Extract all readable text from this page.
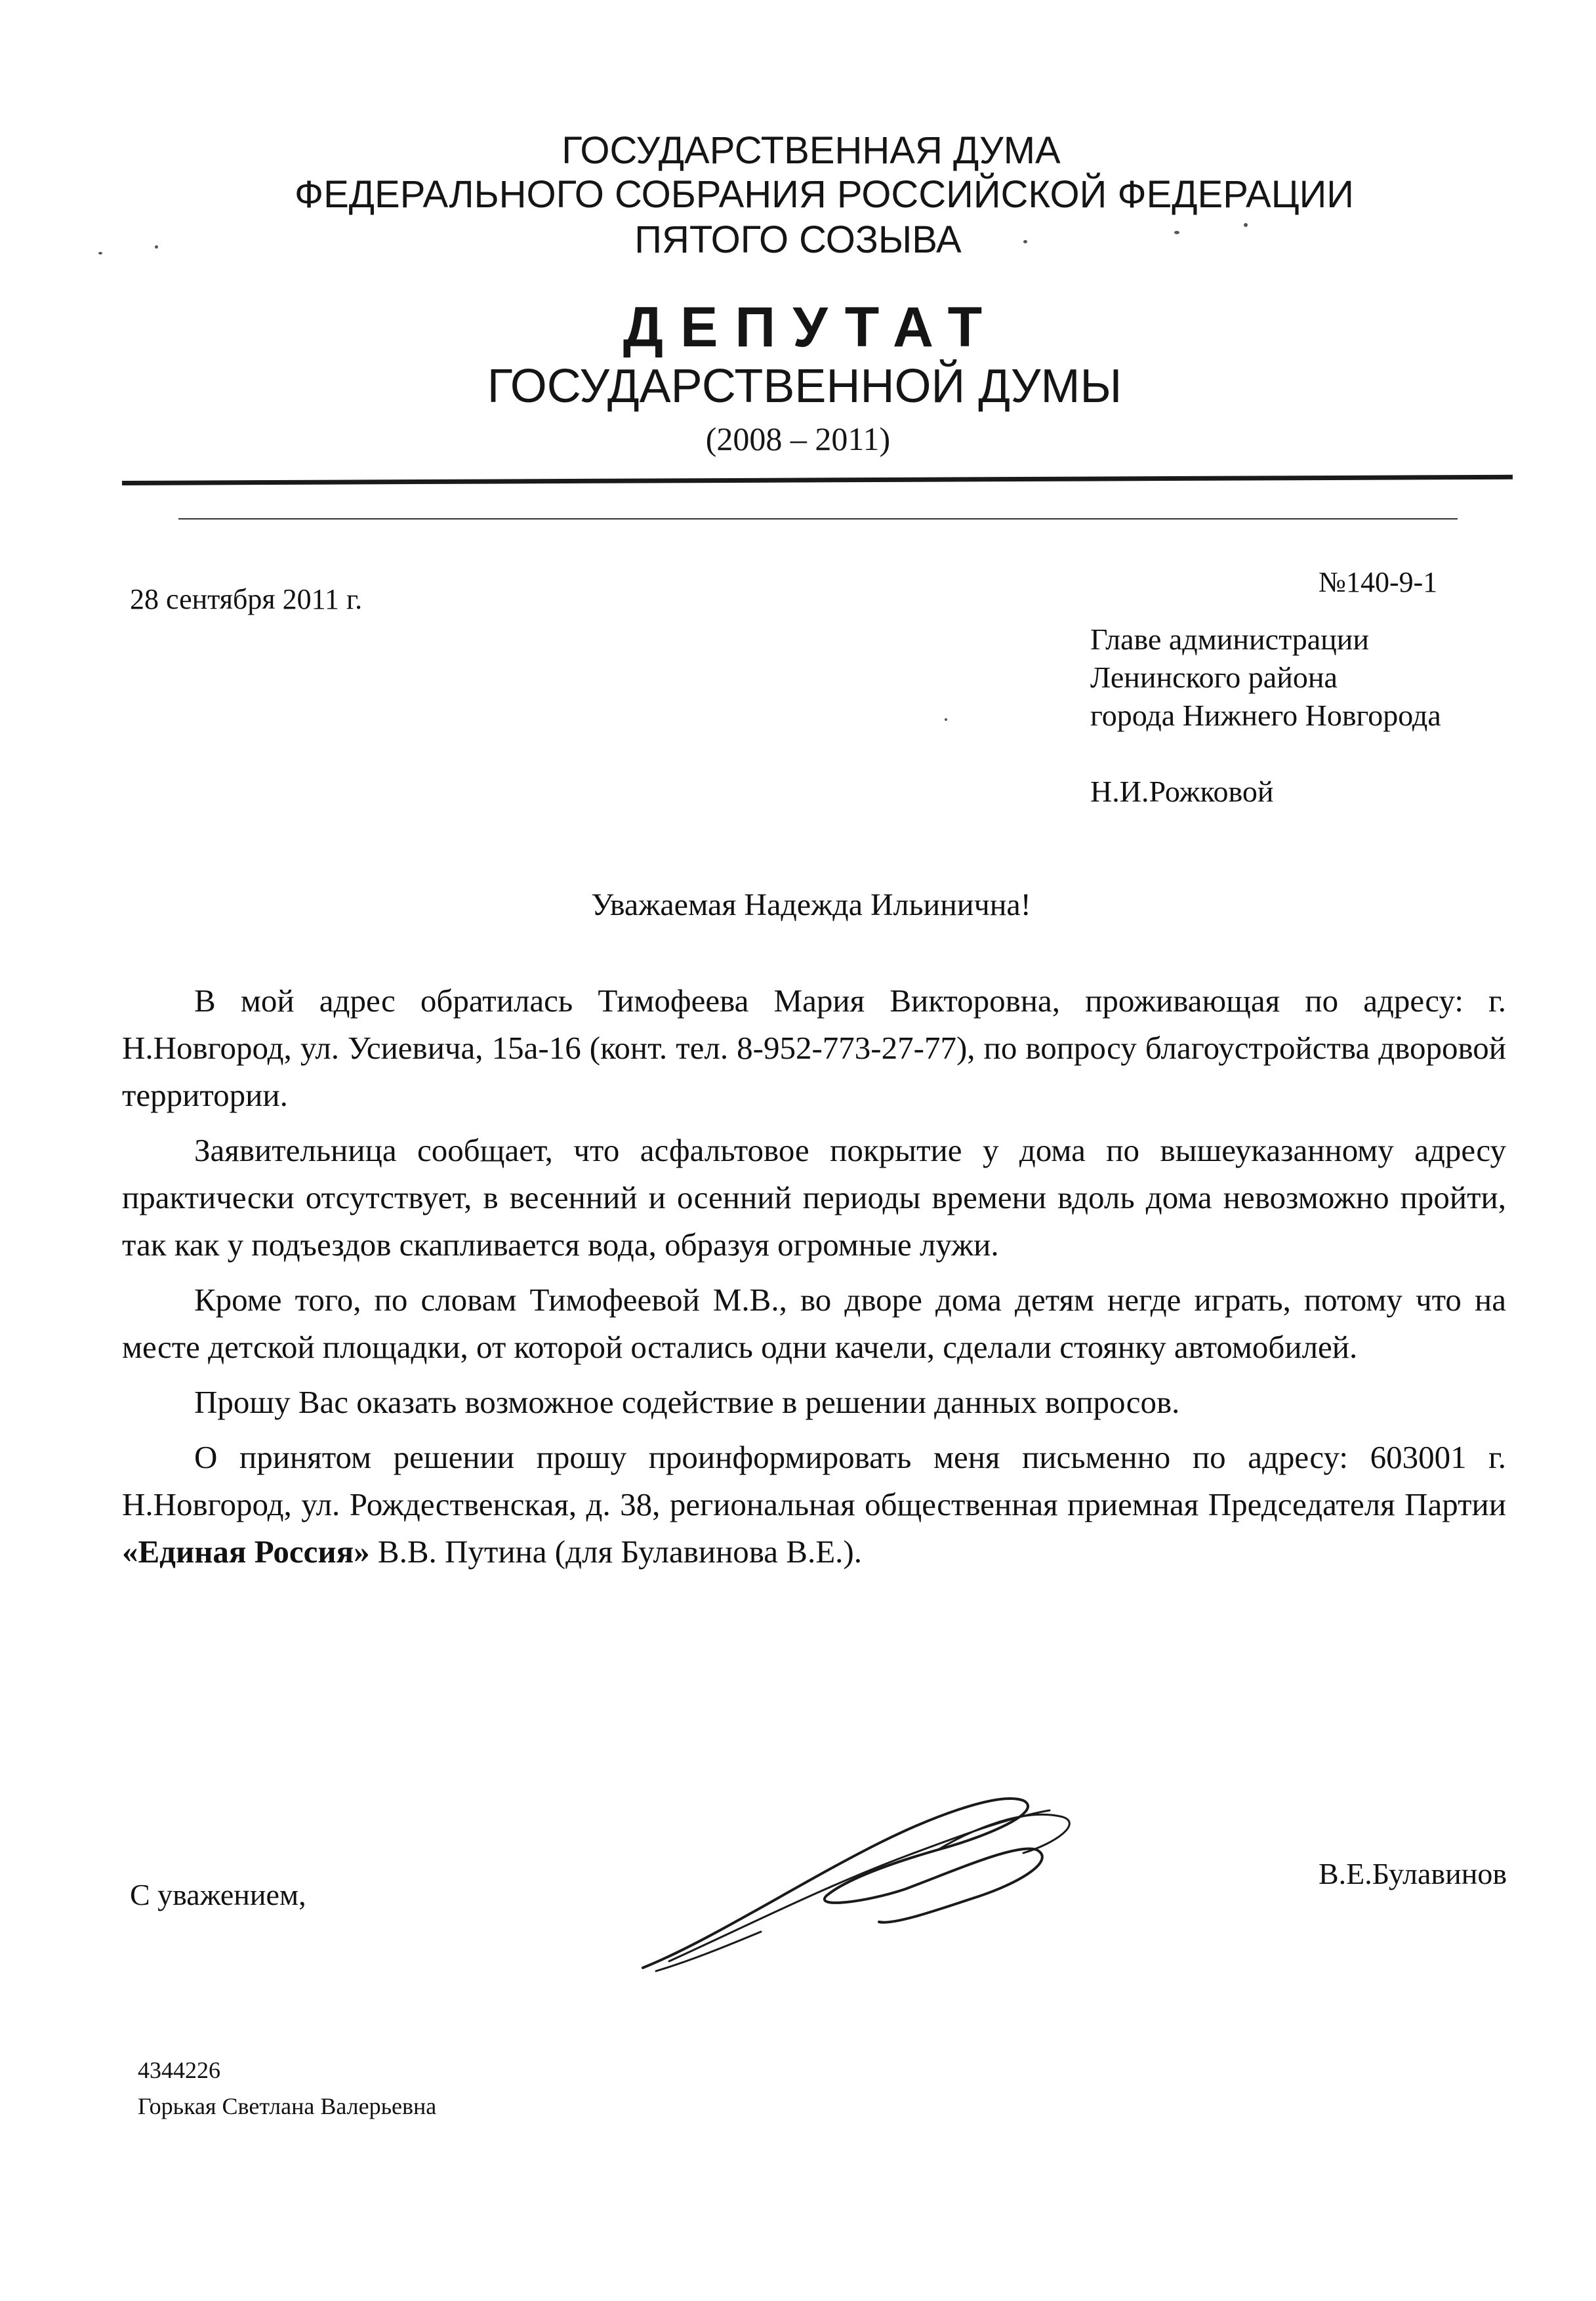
ГОСУДАРСТВЕННАЯ ДУМА
ФЕДЕРАЛЬНОГО СОБРАНИЯ РОССИЙСКОЙ ФЕДЕРАЦИИ
ПЯТОГО СОЗЫВА
ДЕПУТАТ
ГОСУДАРСТВЕННОЙ ДУМЫ
(2008 – 2011)
28 сентября 2011 г.
№140-9-1
Главе администрации
Ленинского района
города Нижнего Новгорода
Н.И.Рожковой
Уважаемая Надежда Ильинична!

В мой адрес обратилась Тимофеева Мария Викторовна, проживающая по адресу: г. Н.Новгород, ул. Усиевича, 15а-16 (конт. тел. 8-952-773-27-77), по вопросу благоустройства дворовой территории.

Заявительница сообщает, что асфальтовое покрытие у дома по вышеуказанному адресу практически отсутствует, в весенний и осенний периоды времени вдоль дома невозможно пройти, так как у подъездов скапливается вода, образуя огромные лужи.

Кроме того, по словам Тимофеевой М.В., во дворе дома детям негде играть, потому что на месте детской площадки, от которой остались одни качели, сделали стоянку автомобилей.

Прошу Вас оказать возможное содействие в решении данных вопросов.

О принятом решении прошу проинформировать меня письменно по адресу: 603001 г. Н.Новгород, ул. Рождественская, д. 38, региональная общественная приемная Председателя Партии «Единая Россия» В.В. Путина (для Булавинова В.Е.).

С уважением,
В.Е.Булавинов
4344226
Горькая Светлана Валерьевна
